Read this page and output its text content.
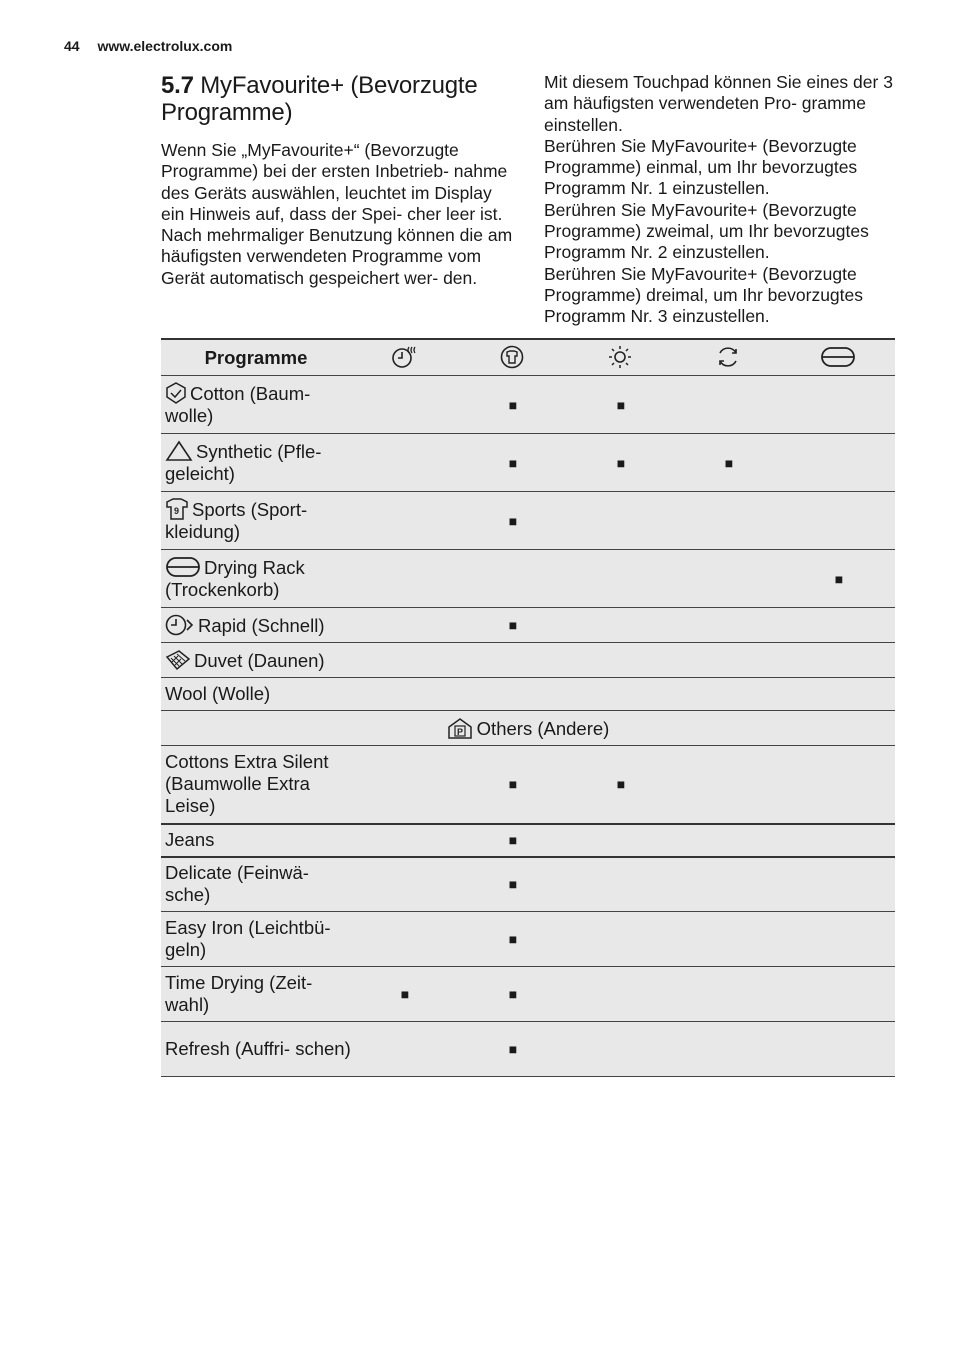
44 www.electrolux.com
5.7 MyFavourite+ (Bevorzugte Programme)

Wenn Sie „MyFavourite+“ (Bevorzugte Programme) bei der ersten Inbetrieb- nahme des Geräts auswählen, leuchtet im Display ein Hinweis auf, dass der Spei- cher leer ist.

Nach mehrmaliger Benutzung können die am häufigsten verwendeten Programme vom Gerät automatisch gespeichert wer- den.

Mit diesem Touchpad können Sie eines der 3 am häufigsten verwendeten Pro- gramme einstellen.

Berühren Sie MyFavourite+ (Bevorzugte Programme) einmal, um Ihr bevorzugtes Programm Nr. 1 einzustellen.

Berühren Sie MyFavourite+ (Bevorzugte Programme) zweimal, um Ihr bevorzugtes Programm Nr. 2 einzustellen.

Berühren Sie MyFavourite+ (Bevorzugte Programme) dreimal, um Ihr bevorzugtes Programm Nr. 3 einzustellen.

Programme	

Cotton (Baum- wolle)		■	■		

Synthetic (Pfle- geleicht)		■	■	■	

9 Sports (Sport- kleidung)		■			

Drying Rack (Trockenkorb)					■

Rapid (Schnell)		■			

Duvet (Daunen)					
Wool (Wolle)					

P Others (Andere)					
Cottons Extra Silent (Baumwolle Extra Leise)		■	■		
Jeans		■			
Delicate (Feinwä- sche)		■			
Easy Iron (Leichtbü- geln)		■			
Time Drying (Zeit- wahl)	■	■			
Refresh (Auffri- schen)		■			
